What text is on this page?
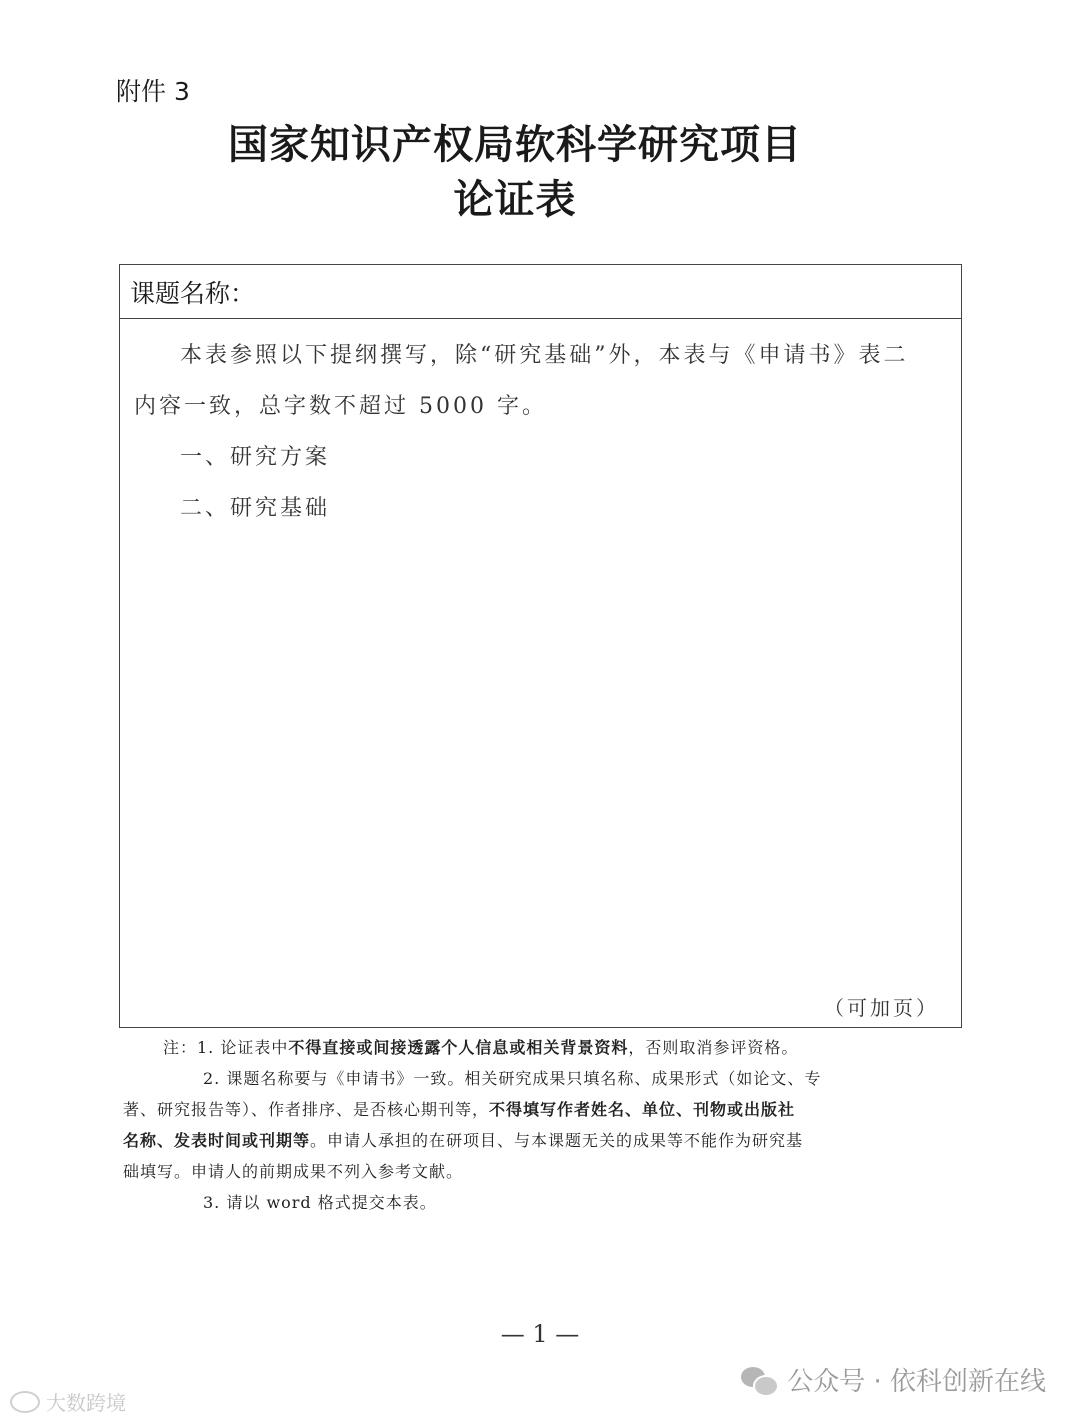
附件 3
国家知识产权局软科学研究项目
论证表
课题名称：
本表参照以下提纲撰写，除“研究基础”外，本表与《申请书》表二
内容一致，总字数不超过 5000 字。
一、研究方案
二、研究基础
（可加页）
注：1. 论证表中不得直接或间接透露个人信息或相关背景资料，否则取消参评资格。
2. 课题名称要与《申请书》一致。相关研究成果只填名称、成果形式（如论文、专
著、研究报告等）、作者排序、是否核心期刊等，不得填写作者姓名、单位、刊物或出版社
名称、发表时间或刊期等。申请人承担的在研项目、与本课题无关的成果等不能作为研究基
础填写。申请人的前期成果不列入参考文献。
3. 请以 word 格式提交本表。
— 1 —
大数跨境
公众号 · 依科创新在线
